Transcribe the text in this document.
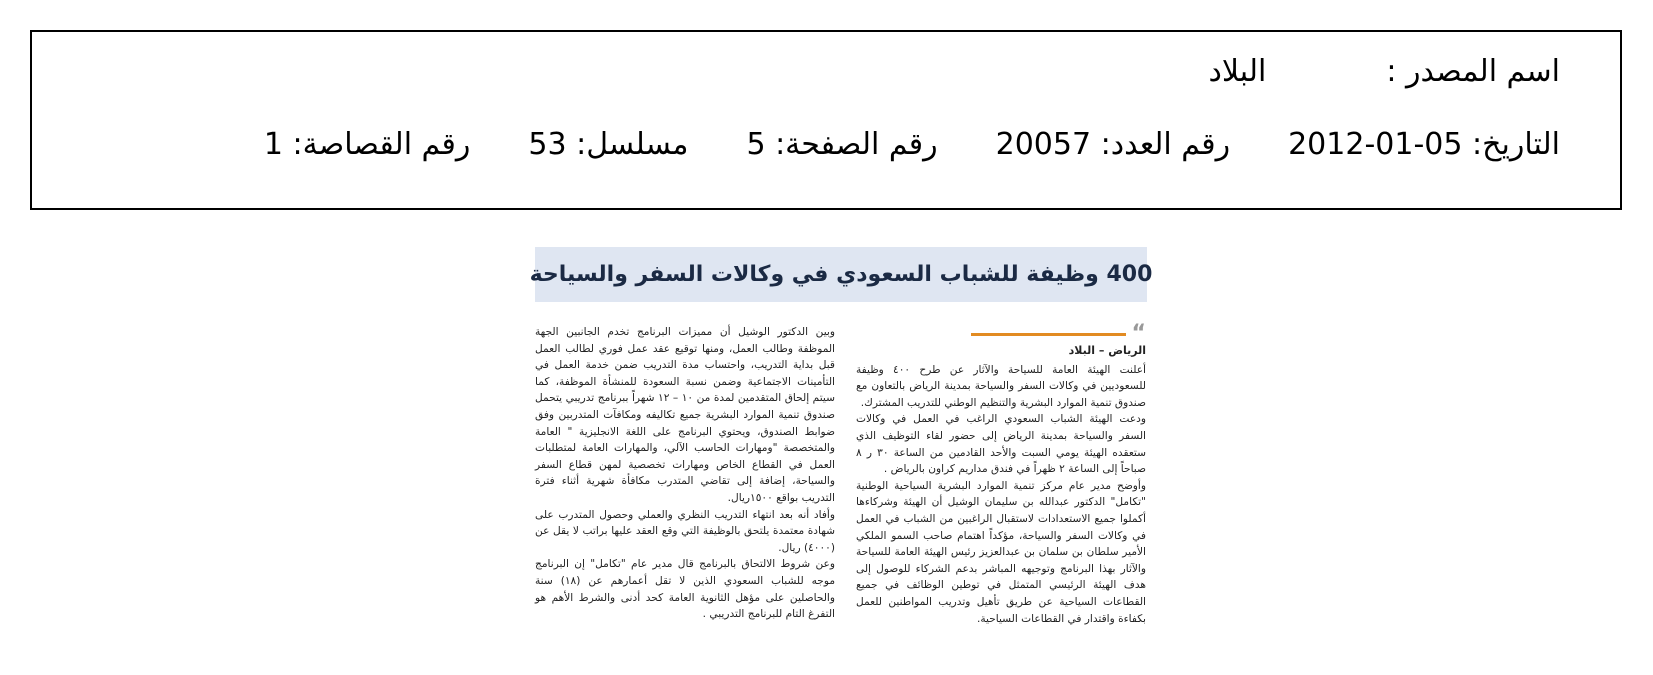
اسم المصدر :
البلاد
التاريخ: 05-01-2012
رقم العدد: 20057
رقم الصفحة: 5
مسلسل: 53
رقم القصاصة: 1
400 وظيفة للشباب السعودي في وكالات السفر والسياحة
“
الرياض – البلاد

أعلنت الهيئة العامة للسياحة والآثار عن طرح ٤٠٠ وظيفة للسعوديين في وكالات السفر والسياحة بمدينة الرياض بالتعاون مع صندوق تنمية الموارد البشرية والتنظيم الوطني للتدريب المشترك.

ودعت الهيئة الشباب السعودي الراغب في العمل في وكالات السفر والسياحة بمدينة الرياض إلى حضور لقاء التوظيف الذي ستعقده الهيئة يومي السبت والأحد القادمين من الساعة ٣٠ ر ٨ صباحاً إلى الساعة ٢ ظهراً في فندق مداريم كراون بالرياض .

وأوضح مدير عام مركز تنمية الموارد البشرية السياحية الوطنية "تكامل" الدكتور عبدالله بن سليمان الوشيل أن الهيئة وشركاءها أكملوا جميع الاستعدادات لاستقبال الراغبين من الشباب في العمل في وكالات السفر والسياحة، مؤكداً اهتمام صاحب السمو الملكي الأمير سلطان بن سلمان بن عبدالعزيز رئيس الهيئة العامة للسياحة والآثار بهذا البرنامج وتوجيهه المباشر بدعم الشركاء للوصول إلى هدف الهيئة الرئيسي المتمثل في توطين الوظائف في جميع القطاعات السياحية عن طريق تأهيل وتدريب المواطنين للعمل بكفاءة واقتدار في القطاعات السياحية.

وبين الدكتور الوشيل أن مميزات البرنامج تخدم الجانبين الجهة الموظفة وطالب العمل، ومنها توقيع عقد عمل فوري لطالب العمل قبل بداية التدريب، واحتساب مدة التدريب ضمن خدمة العمل في التأمينات الاجتماعية وضمن نسبة السعودة للمنشأة الموظفة، كما سيتم إلحاق المتقدمين لمدة من ١٠ – ١٢ شهراً ببرنامج تدريبي يتحمل صندوق تنمية الموارد البشرية جميع تكاليفه ومكافآت المتدربين وفق ضوابط الصندوق، ويحتوي البرنامج على اللغة الانجليزية " العامة والمتخصصة "ومهارات الحاسب الآلي، والمهارات العامة لمتطلبات العمل في القطاع الخاص ومهارات تخصصية لمهن قطاع السفر والسياحة، إضافة إلى تقاضي المتدرب مكافأة شهرية أثناء فترة التدريب بواقع ١٥٠٠ريال.

وأفاد أنه بعد انتهاء التدريب النظري والعملي وحصول المتدرب على شهادة معتمدة يلتحق بالوظيفة التي وقع العقد عليها براتب لا يقل عن (٤٠٠٠) ريال.

وعن شروط الالتحاق بالبرنامج قال مدير عام "تكامل" إن البرنامج موجه للشباب السعودي الذين لا تقل أعمارهم عن (١٨) سنة والحاصلين على مؤهل الثانوية العامة كحد أدنى والشرط الأهم هو التفرغ التام للبرنامج التدريبي .
